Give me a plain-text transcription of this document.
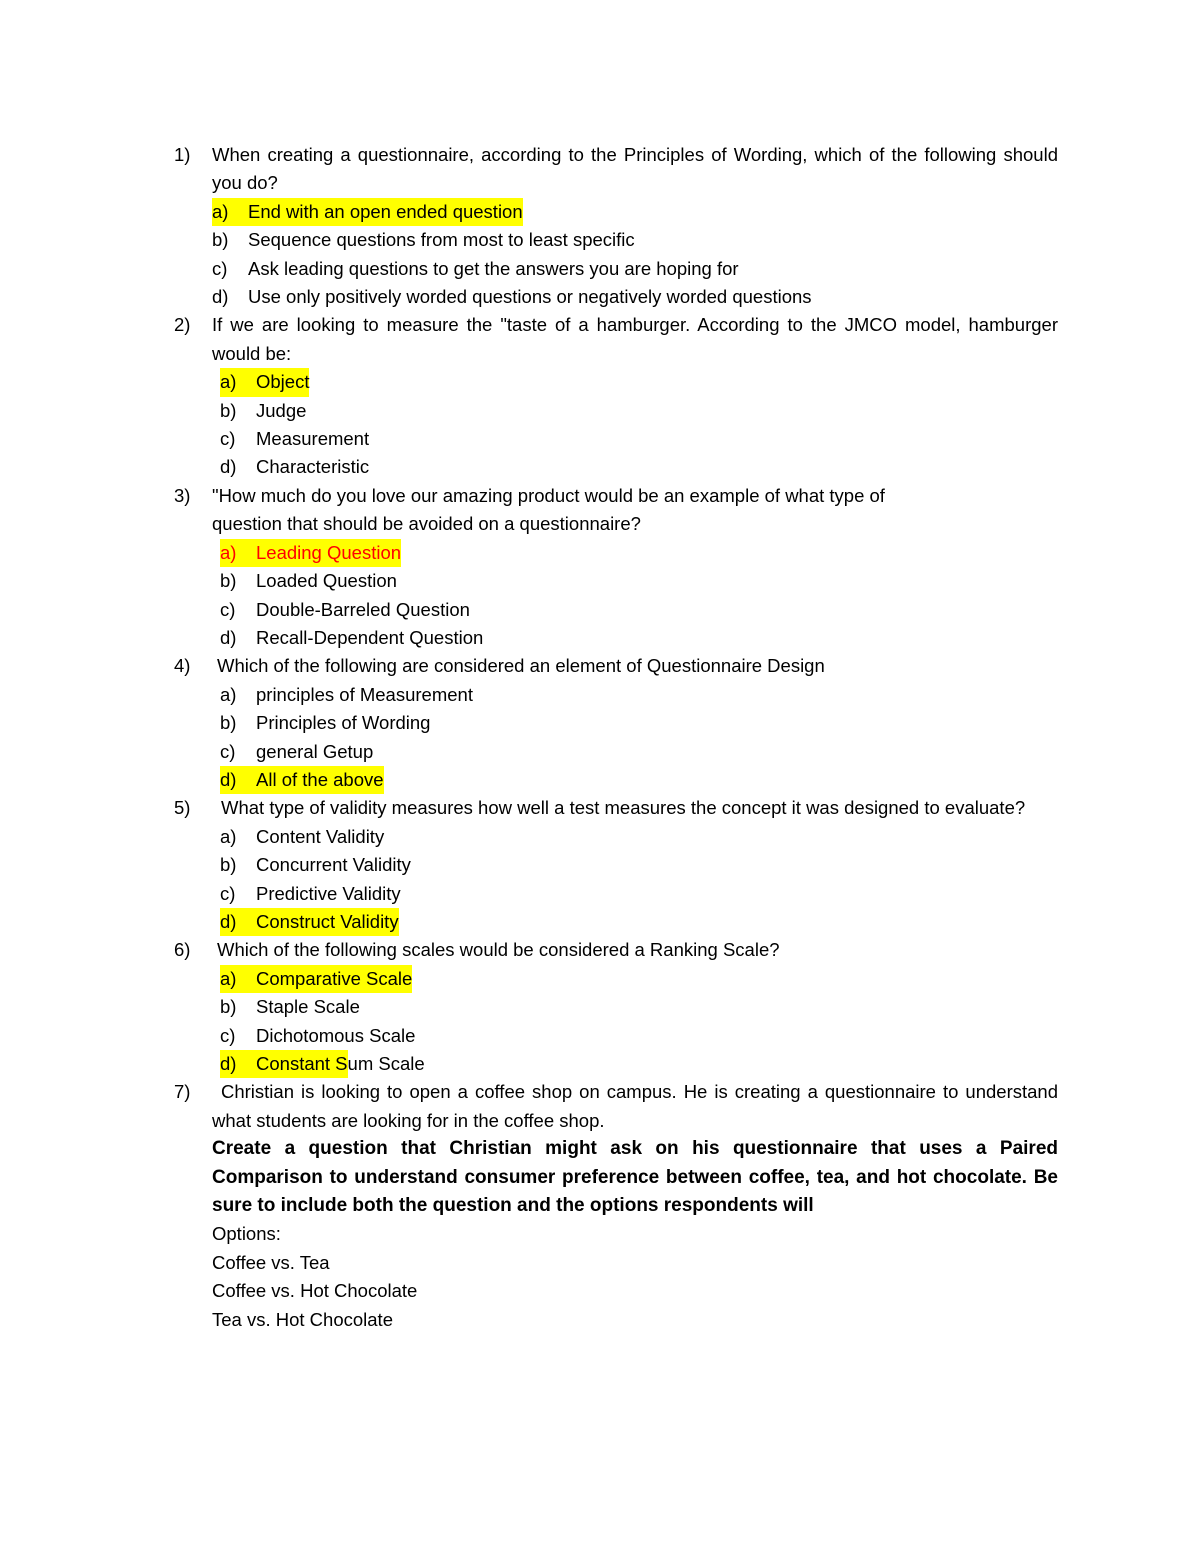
1)	When creating a questionnaire, according to the Principles of Wording, which of the following should you do?
a) End with an open ended question
b)	Sequence questions from most to least specific
c)	Ask leading questions to get the answers you are hoping for
d)	Use only positively worded questions or negatively worded questions
2)	If we are looking to measure the "taste of a hamburger. According to the JMCO model, hamburger would be:
a) Object
b)	Judge
c)	Measurement
d)	Characteristic
3)	"How much do you love our amazing product would be an example of what type of
question that should be avoided on a questionnaire?
a) Leading Question
b)	Loaded Question
c)	Double-Barreled Question
d)	Recall-Dependent Question
4)	Which of the following are considered an element of Questionnaire Design
a)	principles of Measurement
b)	Principles of Wording
c)	general Getup
d) All of the above
5)	What type of validity measures how well a test measures the concept it was designed to evaluate?
a)	Content Validity
b)	Concurrent Validity
c)	Predictive Validity
d) Construct Validity
6)	Which of the following scales would be considered a Ranking Scale?
a) Comparative Scale
b)	Staple Scale
c)	Dichotomous Scale
d) Constant S um Scale
7)	Christian is looking to open a coffee shop on campus. He is creating a questionnaire to understand what students are looking for in the coffee shop.
Create a question that Christian might ask on his questionnaire that uses a Paired Comparison to understand consumer preference between coffee, tea, and hot chocolate. Be sure to include both the question and the options respondents will
Options:
Coffee vs. Tea
Coffee vs. Hot Chocolate
Tea vs. Hot Chocolate
